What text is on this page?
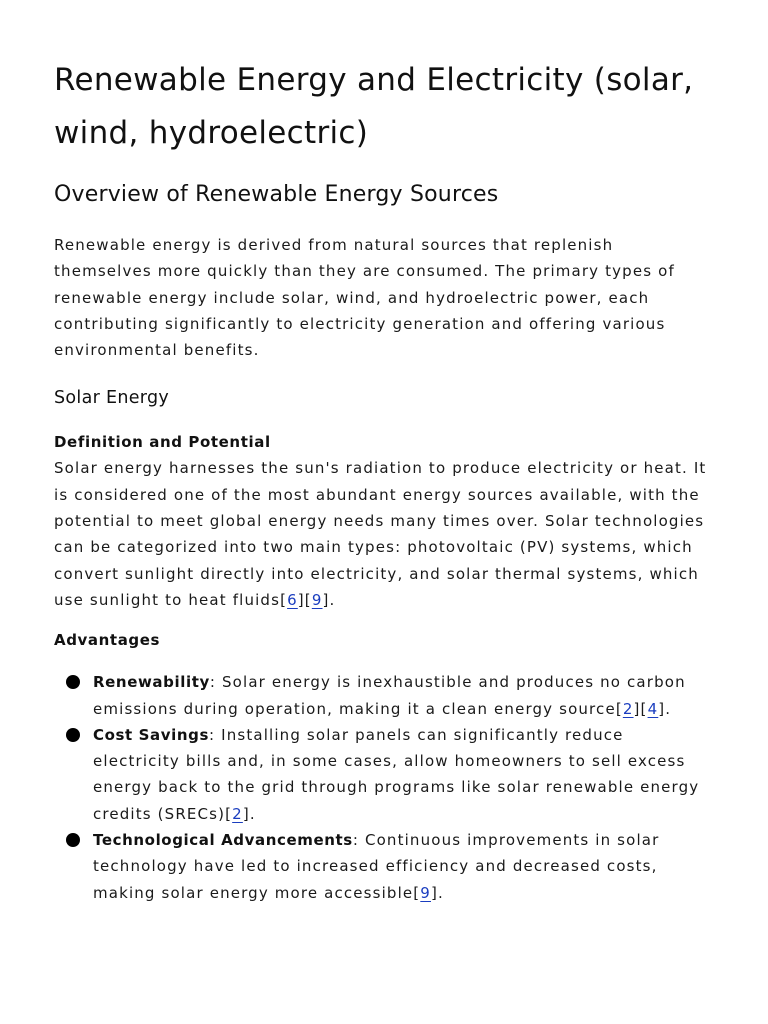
Renewable Energy and Electricity (solar, wind, hydroelectric)
Overview of Renewable Energy Sources

Renewable energy is derived from natural sources that replenish themselves more quickly than they are consumed. The primary types of renewable energy include solar, wind, and hydroelectric power, each contributing significantly to electricity generation and offering various environmental benefits.

Solar Energy
Definition and Potential

Solar energy harnesses the sun's radiation to produce electricity or heat. It is considered one of the most abundant energy sources available, with the potential to meet global energy needs many times over. Solar technologies can be categorized into two main types: photovoltaic (PV) systems, which convert sunlight directly into electricity, and solar thermal systems, which use sunlight to heat fluids[6][9].

Advantages
Renewability: Solar energy is inexhaustible and produces no carbon emissions during operation, making it a clean energy source[2][4].
Cost Savings: Installing solar panels can significantly reduce electricity bills and, in some cases, allow homeowners to sell excess energy back to the grid through programs like solar renewable energy credits (SRECs)[2].
Technological Advancements: Continuous improvements in solar technology have led to increased efficiency and decreased costs, making solar energy more accessible[9].
